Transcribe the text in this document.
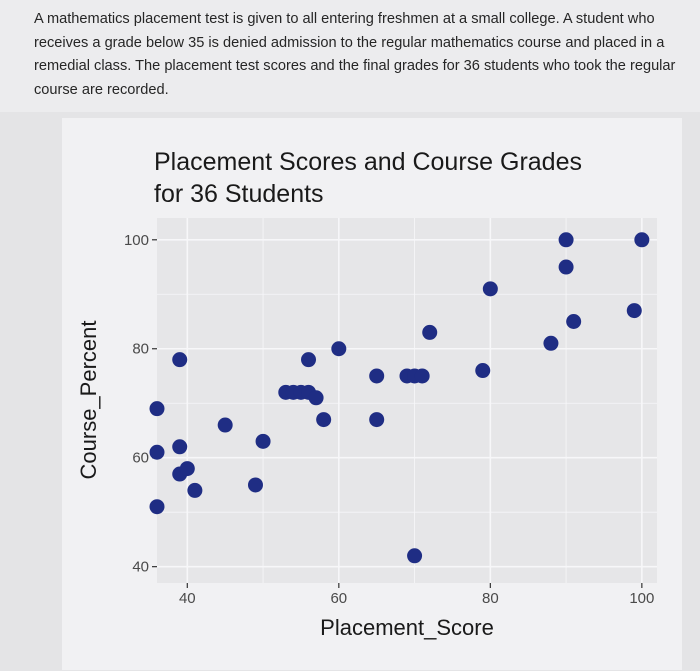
A mathematics placement test is given to all entering freshmen at a small college. A student who receives a grade below 35 is denied admission to the regular mathematics course and placed in a remedial class. The placement test scores and the final grades for 36 students who took the regular course are recorded.

Placement Scores and Course Grades
for 36 Students
40	60	80	100
40
60
80
100
Placement_Score
Course_Percent
